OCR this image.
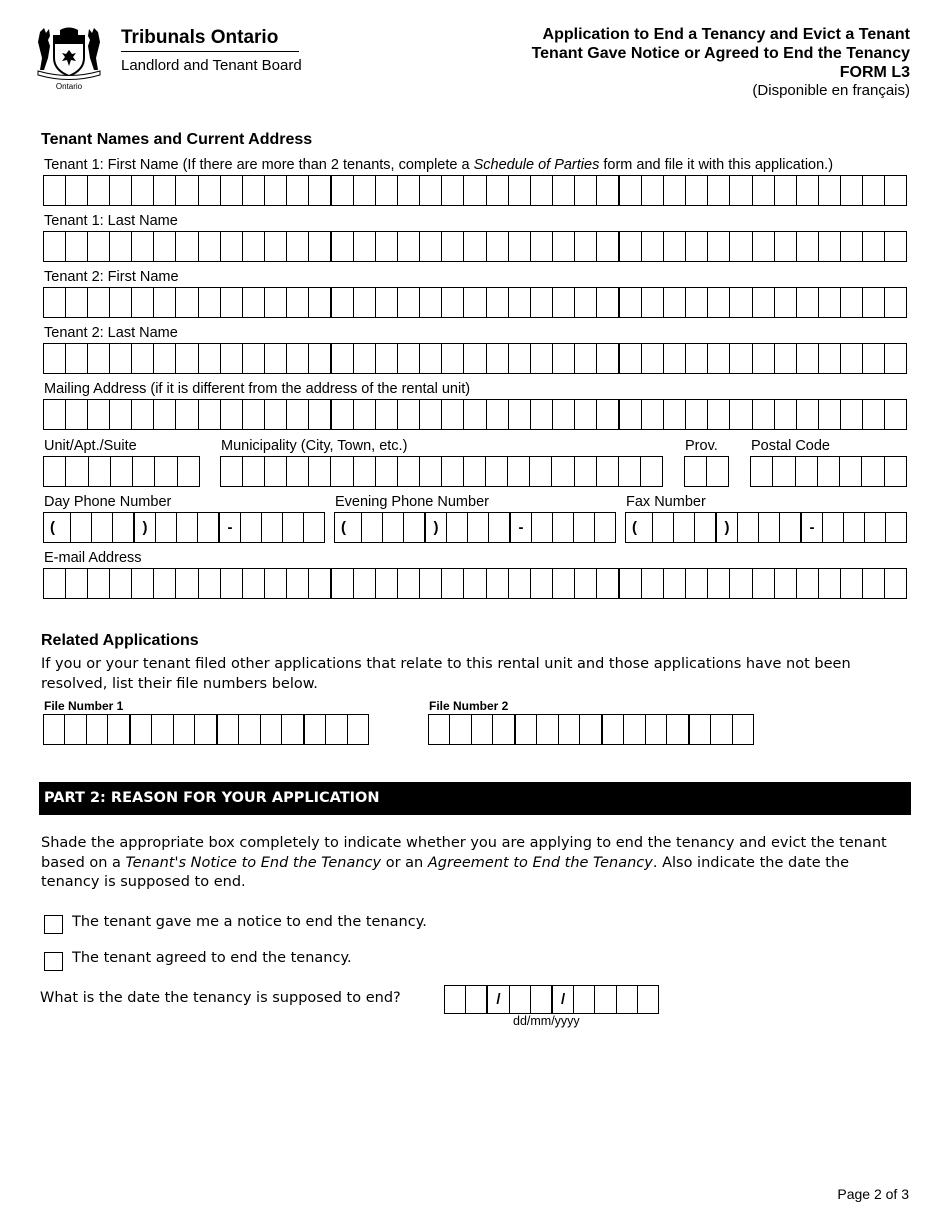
Ontario
Tribunals Ontario
Landlord and Tenant Board
Application to End a Tenancy and Evict a Tenant
Tenant Gave Notice or Agreed to End the Tenancy
FORM L3
(Disponible en français)
Tenant Names and Current Address
Tenant 1: First Name (If there are more than 2 tenants, complete a Schedule of Parties form and file it with this application.)
Tenant 1: Last Name
Tenant 2: First Name
Tenant 2: Last Name
Mailing Address (if it is different from the address of the rental unit)
Unit/Apt./Suite	Municipality (City, Town, etc.)	Prov. Postal Code
Day Phone Number	Evening Phone Number	Fax Number
(	)	-	(	)	-	(	)	-
E-mail Address
Related Applications
If you or your tenant filed other applications that relate to this rental unit and those applications have not been resolved, list their file numbers below.
File Number 1	File Number 2
PART 2: REASON FOR YOUR APPLICATION
Shade the appropriate box completely to indicate whether you are applying to end the tenancy and evict the tenant based on a Tenant's Notice to End the Tenancy or an Agreement to End the Tenancy. Also indicate the date the tenancy is supposed to end.
The tenant gave me a notice to end the tenancy.
The tenant agreed to end the tenancy.
What is the date the tenancy is supposed to end?	/	/
dd/mm/yyyy
Page 2 of 3
